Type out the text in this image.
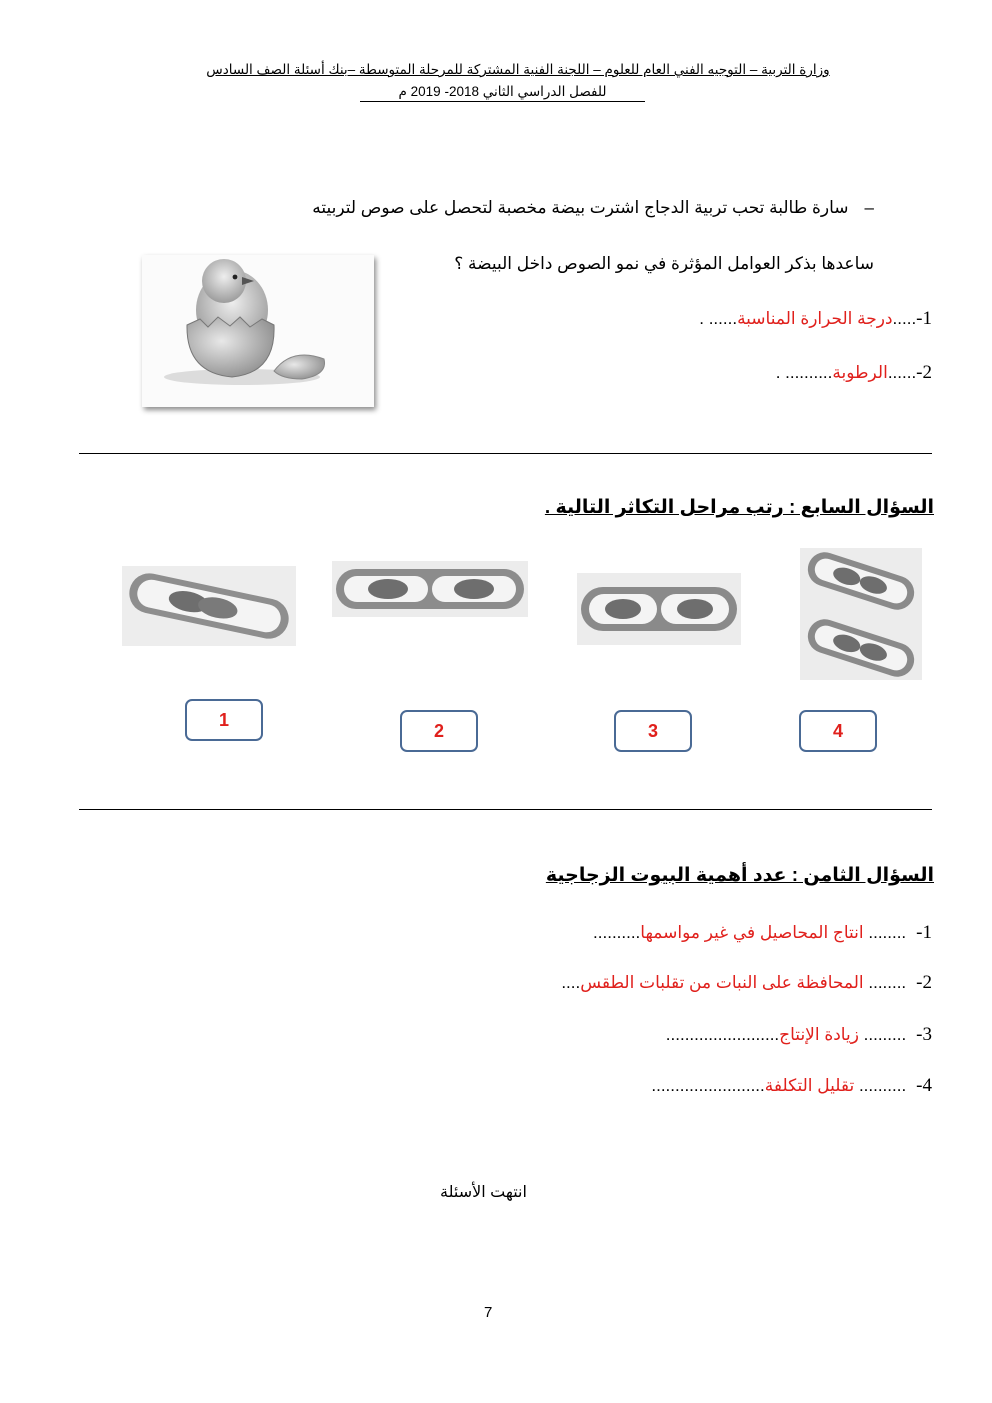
وزارة التربية – التوجيه الفني العام للعلوم – اللجنة الفنية المشتركة للمرحلة المتوسطة –بنك أسئلة الصف السادس
للفصل الدراسي الثاني 2018- 2019 م
–سارة طالبة تحب تربية الدجاج اشترت بيضة مخصبة لتحصل على صوص لتربيته
ساعدها بذكر العوامل المؤثرة في نمو الصوص داخل البيضة ؟
1-.....درجة الحرارة المناسبة...... .
2-......الرطوبة.......... .
السؤال السابع : رتب مراحل التكاثر التالية .
1
2	3	4
السؤال الثامن : عدد أهمية البيوت الزجاجية
1-........ انتاج المحاصيل في غير مواسمها..........
2-........ المحافظة على النبات من تقلبات الطقس....
3-......... زيادة الإنتاج........................
4-.......... تقليل التكلفة........................
انتهت الأسئلة
7
